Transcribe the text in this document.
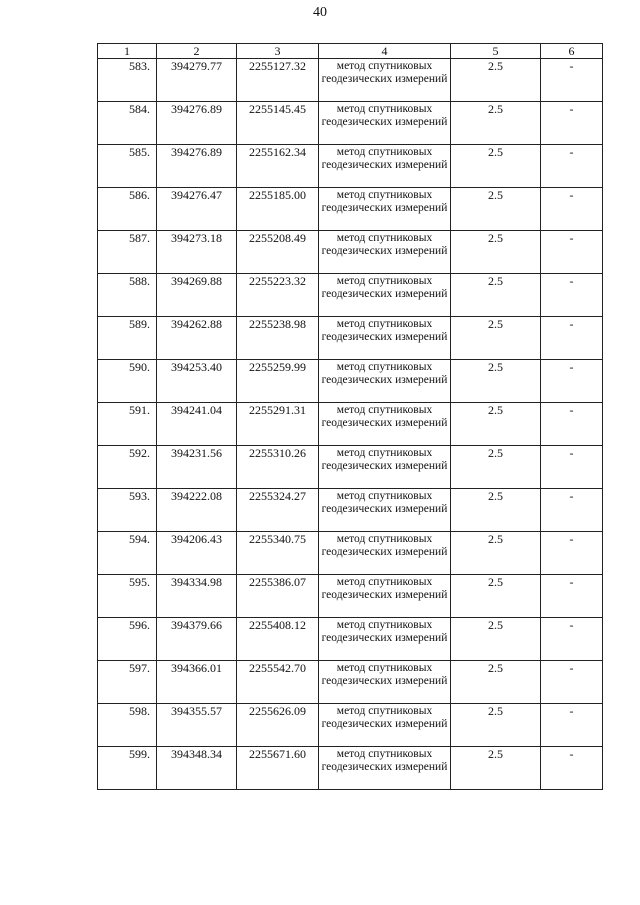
40
1	2	3	4	5	6
583.	394279.77	2255127.32	метод спутниковых геодезических измерений	2.5	-
584.	394276.89	2255145.45	метод спутниковых геодезических измерений	2.5	-
585.	394276.89	2255162.34	метод спутниковых геодезических измерений	2.5	-
586.	394276.47	2255185.00	метод спутниковых геодезических измерений	2.5	-
587.	394273.18	2255208.49	метод спутниковых геодезических измерений	2.5	-
588.	394269.88	2255223.32	метод спутниковых геодезических измерений	2.5	-
589.	394262.88	2255238.98	метод спутниковых геодезических измерений	2.5	-
590.	394253.40	2255259.99	метод спутниковых геодезических измерений	2.5	-
591.	394241.04	2255291.31	метод спутниковых геодезических измерений	2.5	-
592.	394231.56	2255310.26	метод спутниковых геодезических измерений	2.5	-
593.	394222.08	2255324.27	метод спутниковых геодезических измерений	2.5	-
594.	394206.43	2255340.75	метод спутниковых геодезических измерений	2.5	-
595.	394334.98	2255386.07	метод спутниковых геодезических измерений	2.5	-
596.	394379.66	2255408.12	метод спутниковых геодезических измерений	2.5	-
597.	394366.01	2255542.70	метод спутниковых геодезических измерений	2.5	-
598.	394355.57	2255626.09	метод спутниковых геодезических измерений	2.5	-
599.	394348.34	2255671.60	метод спутниковых геодезических измерений	2.5	-
